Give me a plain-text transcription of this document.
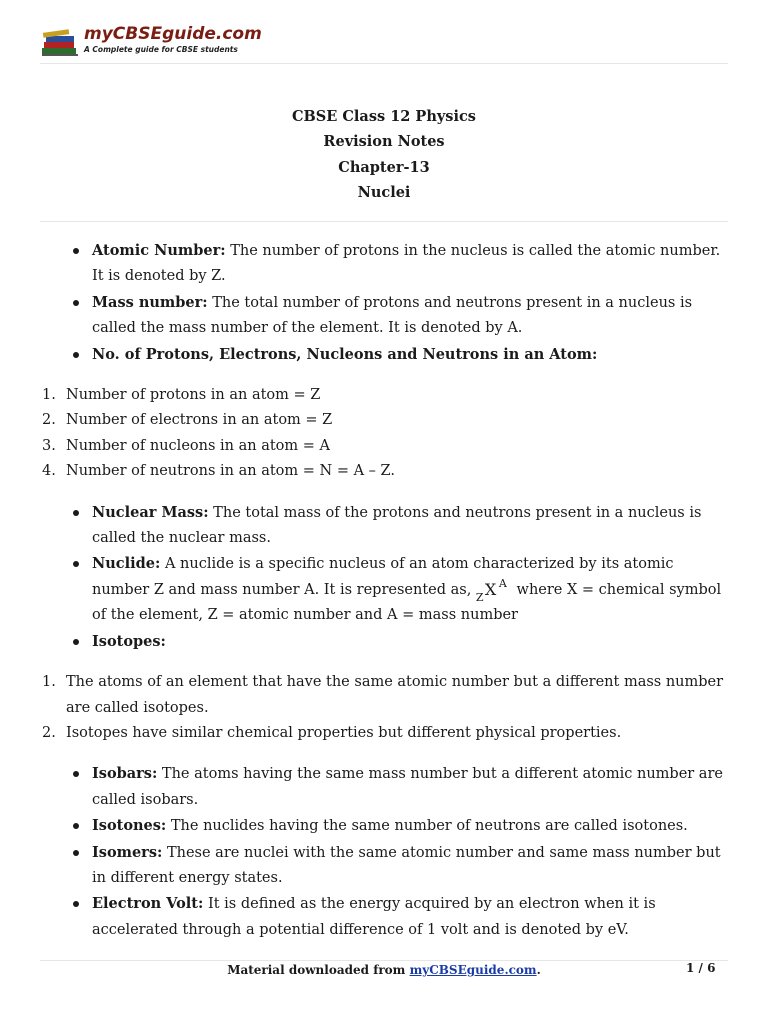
myCBSEguide.com
A Complete guide for CBSE students
CBSE Class 12 Physics
Revision Notes
Chapter-13
Nuclei
Atomic Number: The number of protons in the nucleus is called the atomic number. It is denoted by Z.
Mass number: The total number of protons and neutrons present in a nucleus is called the mass number of the element. It is denoted by A.
No. of Protons, Electrons, Nucleons and Neutrons in an Atom:
1. Number of protons in an atom = Z
2. Number of electrons in an atom = Z
3. Number of nucleons in an atom = A
4. Number of neutrons in an atom = N = A – Z.
Nuclear Mass: The total mass of the protons and neutrons present in a nucleus is called the nuclear mass.
Nuclide: A nuclide is a specific nucleus of an atom characterized by its atomic number Z and mass number A. It is represented as, Z X A where X = chemical symbol of the element, Z = atomic number and A = mass number
Isotopes:
1. The atoms of an element that have the same atomic number but a different mass number are called isotopes.
2. Isotopes have similar chemical properties but different physical properties.
Isobars: The atoms having the same mass number but a different atomic number are called isobars.
Isotones: The nuclides having the same number of neutrons are called isotones.
Isomers: These are nuclei with the same atomic number and same mass number but in different energy states.
Electron Volt: It is defined as the energy acquired by an electron when it is accelerated through a potential difference of 1 volt and is denoted by eV.
Material downloaded from myCBSEguide.com.	1 / 6
